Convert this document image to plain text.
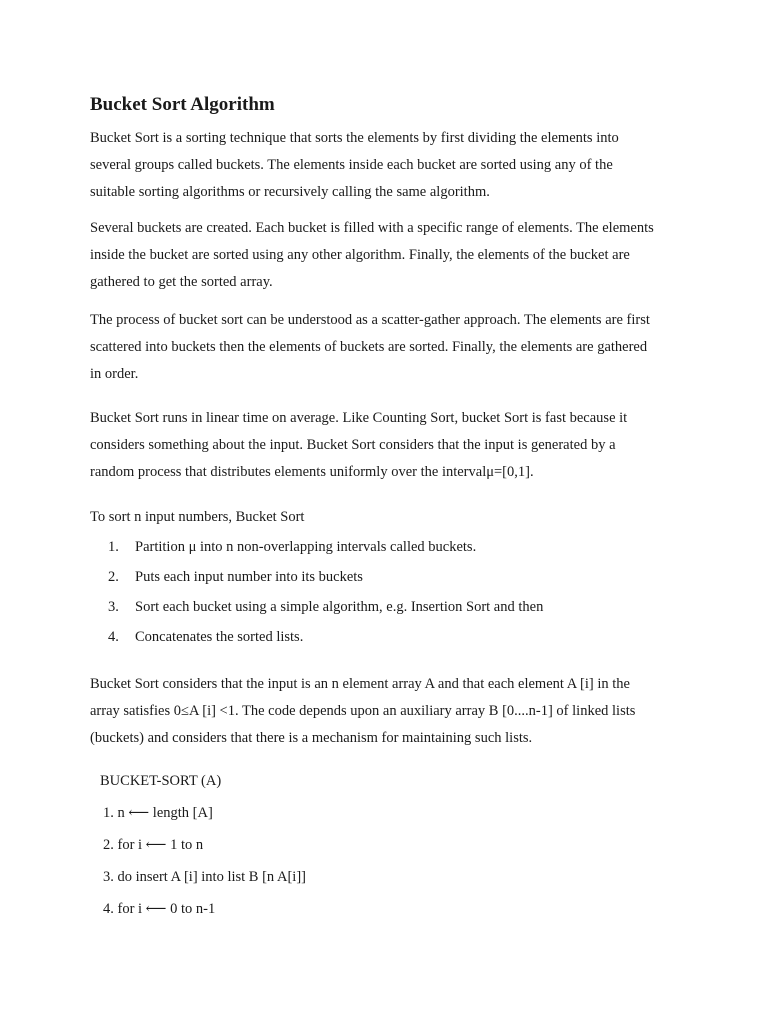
Bucket Sort Algorithm

Bucket Sort is a sorting technique that sorts the elements by first dividing the elements into
several groups called buckets. The elements inside each bucket are sorted using any of the
suitable sorting algorithms or recursively calling the same algorithm.

Several buckets are created. Each bucket is filled with a specific range of elements. The elements
inside the bucket are sorted using any other algorithm. Finally, the elements of the bucket are
gathered to get the sorted array.

The process of bucket sort can be understood as a scatter-gather approach. The elements are first
scattered into buckets then the elements of buckets are sorted. Finally, the elements are gathered
in order.

Bucket Sort runs in linear time on average. Like Counting Sort, bucket Sort is fast because it
considers something about the input. Bucket Sort considers that the input is generated by a
random process that distributes elements uniformly over the intervalμ=[0,1].

To sort n input numbers, Bucket Sort

1. Partition μ into n non-overlapping intervals called buckets.
2. Puts each input number into its buckets
3. Sort each bucket using a simple algorithm, e.g. Insertion Sort and then
4. Concatenates the sorted lists.

Bucket Sort considers that the input is an n element array A and that each element A [i] in the
array satisfies 0≤A [i] <1. The code depends upon an auxiliary array B [0....n-1] of linked lists
(buckets) and considers that there is a mechanism for maintaining such lists.

BUCKET-SORT (A)
1. n ⟵ length [A]
2. for i ⟵ 1 to n
3. do insert A [i] into list B [n A[i]]
4. for i ⟵ 0 to n-1
